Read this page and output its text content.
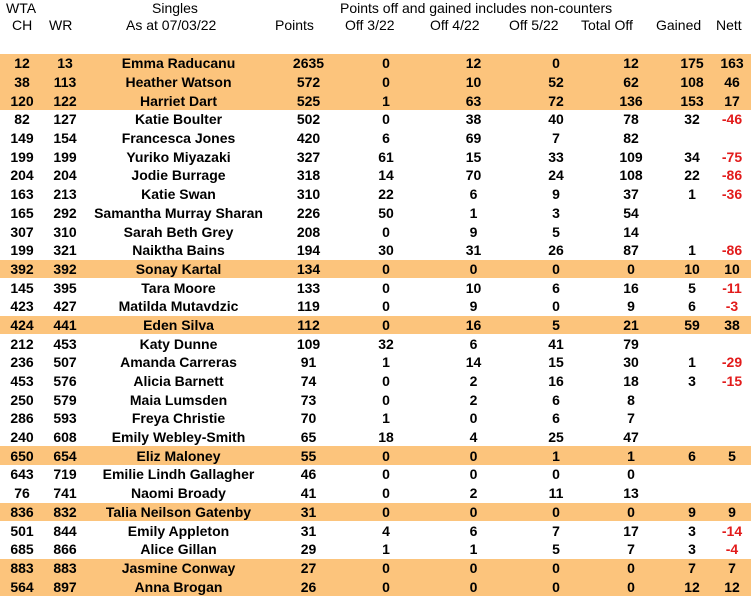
WTA
CH WR
Singles
As at 07/03/22	Points
Points off and gained includes non-counters
Off 3/22	Off 4/22 Off 5/22 Total Off Gained Nett
12	13	Emma Raducanu	2635	0	12	0	12	175	163
38	113	Heather Watson	572	0	10	52	62	108	46
120	122	Harriet Dart	525	1	63	72	136	153	17
82	127	Katie Boulter	502	0	38	40	78	32	-46
149	154	Francesca Jones	420	6	69	7	82		
199	199	Yuriko Miyazaki	327	61	15	33	109	34	-75
204	204	Jodie Burrage	318	14	70	24	108	22	-86
163	213	Katie Swan	310	22	6	9	37	1	-36
165	292	Samantha Murray Sharan	226	50	1	3	54		
307	310	Sarah Beth Grey	208	0	9	5	14		
199	321	Naiktha Bains	194	30	31	26	87	1	-86
392	392	Sonay Kartal	134	0	0	0	0	10	10
145	395	Tara Moore	133	0	10	6	16	5	-11
423	427	Matilda Mutavdzic	119	0	9	0	9	6	-3
424	441	Eden Silva	112	0	16	5	21	59	38
212	453	Katy Dunne	109	32	6	41	79		
236	507	Amanda Carreras	91	1	14	15	30	1	-29
453	576	Alicia Barnett	74	0	2	16	18	3	-15
250	579	Maia Lumsden	73	0	2	6	8		
286	593	Freya Christie	70	1	0	6	7		
240	608	Emily Webley-Smith	65	18	4	25	47		
650	654	Eliz Maloney	55	0	0	1	1	6	5
643	719	Emilie Lindh Gallagher	46	0	0	0	0		
76	741	Naomi Broady	41	0	2	11	13		
836	832	Talia Neilson Gatenby	31	0	0	0	0	9	9
501	844	Emily Appleton	31	4	6	7	17	3	-14
685	866	Alice Gillan	29	1	1	5	7	3	-4
883	883	Jasmine Conway	27	0	0	0	0	7	7
564	897	Anna Brogan	26	0	0	0	0	12	12
